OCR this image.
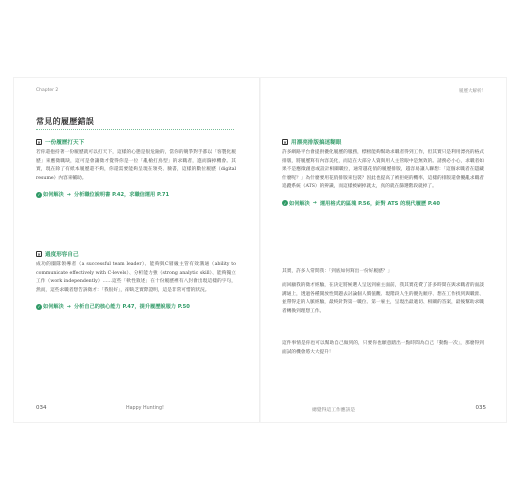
Chapter 2
常見的履歷錯誤
✕ 一份履歷打天下
若你還抱持著一份履歷就可以打天下，這樣的心態是很危險的，當你的競爭對手都以「客製化履歷」來應徵職缺，這可是會讓徵才覺得你是一位「亂槍打鳥型」的求職者，進而篩掉機會。其實，現在除了有紙本履歷還不夠，你還需要能夠呈現在領英、臉書，這樣的數位履歷（digital resume）內容來輔助。
✓ 如何解決 ➔ 分析職位說明書 P.42，求職信運用 P.71
✕ 過度形容自己
成功的團隊領導者（a successful team leader）、能夠與C層級主管有效溝通（ability to communicate effectively with C-levels）、分析能力強（strong analytic skill）、能夠獨立工作（work independently）……這些「軟性敘述」在十份履歷裡有八封會出現這樣的字句，然而，這些求職者想告訴徵才：「我很好」，卻缺乏實際證明，這是非常可惜的狀況。
✓ 如何解決 ➔ 分析自己的核心能力 P.47，提升履歷說服力 P.50
034	Happy Hunting!
履歷大解析！
✕ 用漂亮排版搞迷糊眼
許多網路平台會提供優化履歷的服務，標榜能夠幫助求職者得到工作，但其實只是利用漂亮的格式排版，將履歷寫有內容美化，而這在大部分人資與用人主管眼中是無效的。請務必小心，求職者如果不是應徵創意或設計相關職位，通常越花俏的履歷排版，越容易讓人聯想：「這個求職者在隱藏什麼呢？」為什麼要用花俏排版來包裝？因此也提高了被拒絕的機率，這樣的排版還會擾亂求職者追蹤系統（ATS）的辨識，而這樣被刷掉就太，真的就在篩選階段就掉了。
✓ 如何解決 ➔ 運用格式的區塊 P.56，針對 ATS 的現代履歷 P.40
其實，許多人常問我：「到底如何寫出一份好履歷？」
而回顧我的徵才經驗，在決定將候選人呈送到雇主面前，我其實花費了許多時間在與求職者的面談溝通上，透過各種開放性問題去討論個人價值觀、現階段人生的優先順序、想在工作找到與職涯、並帶得走的人脈經驗，最終針對第一職位、第一雇主，呈現出最適切、相關的答案，最後幫助求職者轉換到理想工作。
這件事情是你也可以幫助自己做到的，只要你也願意踏出一點時間為自己「動點一次」，那麼得到面試的機會將大大提升！
總覺得這工作應該是	035
